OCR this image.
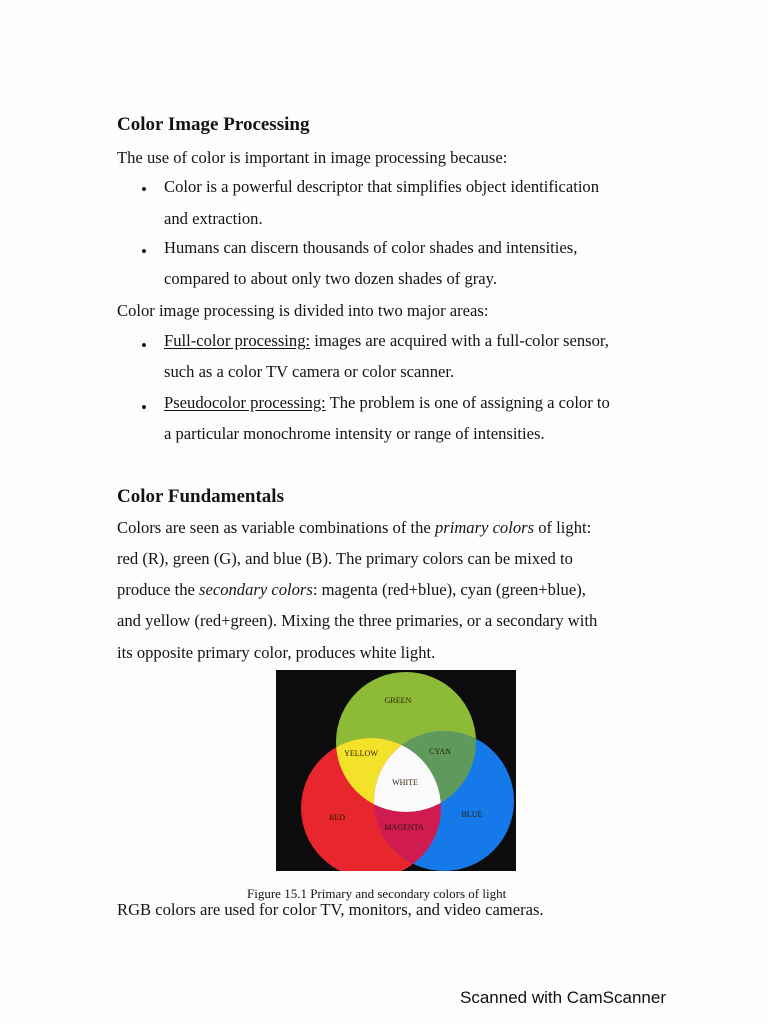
Color Image Processing

The use of color is important in image processing because:

• Color is a powerful descriptor that simplifies object identification

and extraction.

• Humans can discern thousands of color shades and intensities,

compared to about only two dozen shades of gray.

Color image processing is divided into two major areas:

• Full-color processing: images are acquired with a full-color sensor,

such as a color TV camera or color scanner.

• Pseudocolor processing: The problem is one of assigning a color to

a particular monochrome intensity or range of intensities.

Color Fundamentals

Colors are seen as variable combinations of the primary colors of light:

red (R), green (G), and blue (B). The primary colors can be mixed to

produce the secondary colors: magenta (red+blue), cyan (green+blue),

and yellow (red+green). Mixing the three primaries, or a secondary with

its opposite primary color, produces white light.

GREEN
YELLOW	CYAN
WHITE
RED	BLUE
MAGENTA

Figure 15.1 Primary and secondary colors of light

RGB colors are used for color TV, monitors, and video cameras.

Scanned with CamScanner
